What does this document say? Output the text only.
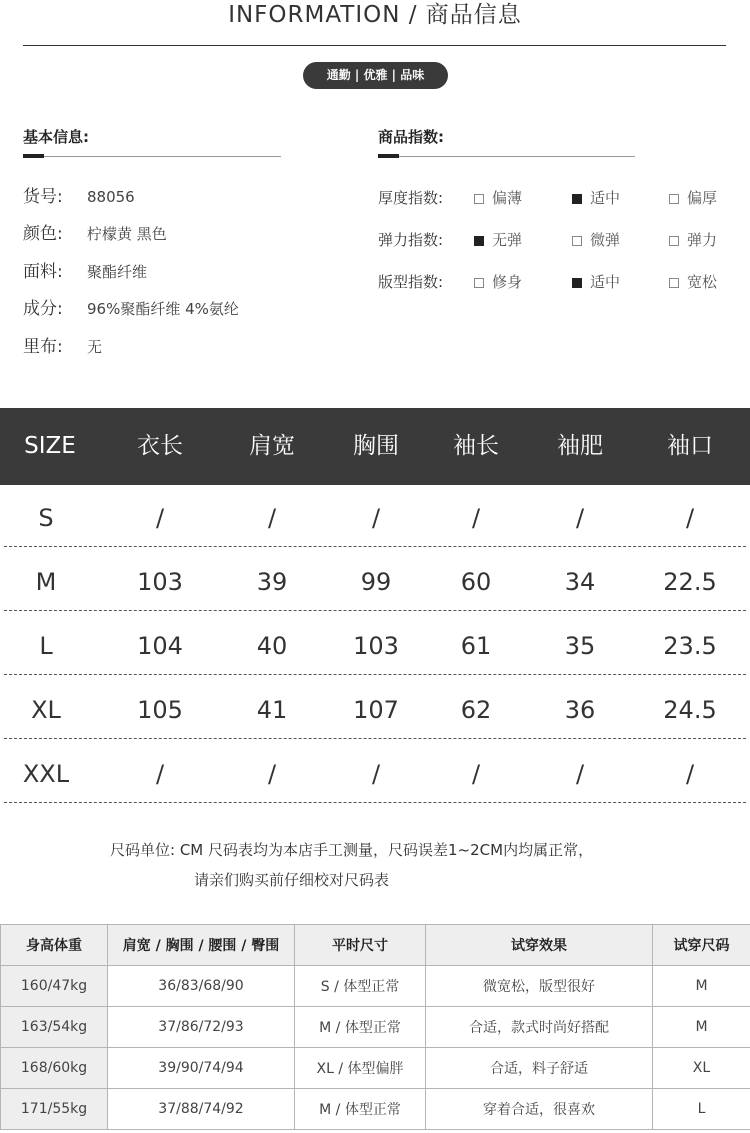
INFORMATION / 商品信息
通勤 | 优雅 | 品味
基本信息:
货号: 88056
颜色: 柠檬黄 黑色
面料: 聚酯纤维
成分: 96%聚酯纤维 4%氨纶
里布: 无
商品指数:
厚度指数:	偏薄	适中	偏厚
弹力指数:	无弹	微弹	弹力
版型指数:	修身	适中	宽松
SIZE	衣长	肩宽	胸围	袖长	袖肥	袖口
S	/	/	/	/	/	/
M	103	39	99	60	34	22.5
L	104	40	103	61	35	23.5
XL	105	41	107	62	36	24.5
XXL	/	/	/	/	/	/
尺码单位: CM 尺码表均为本店手工测量，尺码误差1~2CM内均属正常，
请亲们购买前仔细校对尺码表
身高体重	肩宽 / 胸围 / 腰围 / 臀围	平时尺寸	试穿效果	试穿尺码
160/47kg	36/83/68/90	S / 体型正常	微宽松，版型很好	M
163/54kg	37/86/72/93	M / 体型正常	合适，款式时尚好搭配	M
168/60kg	39/90/74/94	XL / 体型偏胖	合适，料子舒适	XL
171/55kg	37/88/74/92	M / 体型正常	穿着合适，很喜欢	L
